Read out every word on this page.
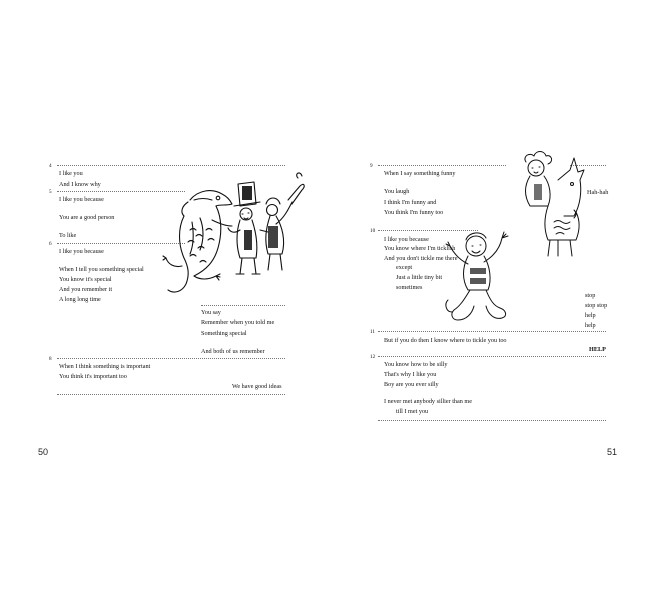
4
I like you
And I know why
5
I like you because
You are a good person
To like
6
I like you because
When I tell you something special
You know it's special
And you remember it
A long long time
You say
Remember when you told me
Something special
And both of us remember
8
When I think something is important
You think it's important too
We have good ideas
50
9
When I say something funny
You laugh
I think I'm funny and
You think I'm funny too
Hah-hah
10
I like you because
You know where I'm ticklish
And you don't tickle me there
except
Just a little tiny bit
sometimes
stop
stop stop
help
help
11
But if you do then I know where to tickle you too
HELP
12
You know how to be silly
That's why I like you
Boy are you ever silly
I never met anybody sillier than me
till I met you
51
